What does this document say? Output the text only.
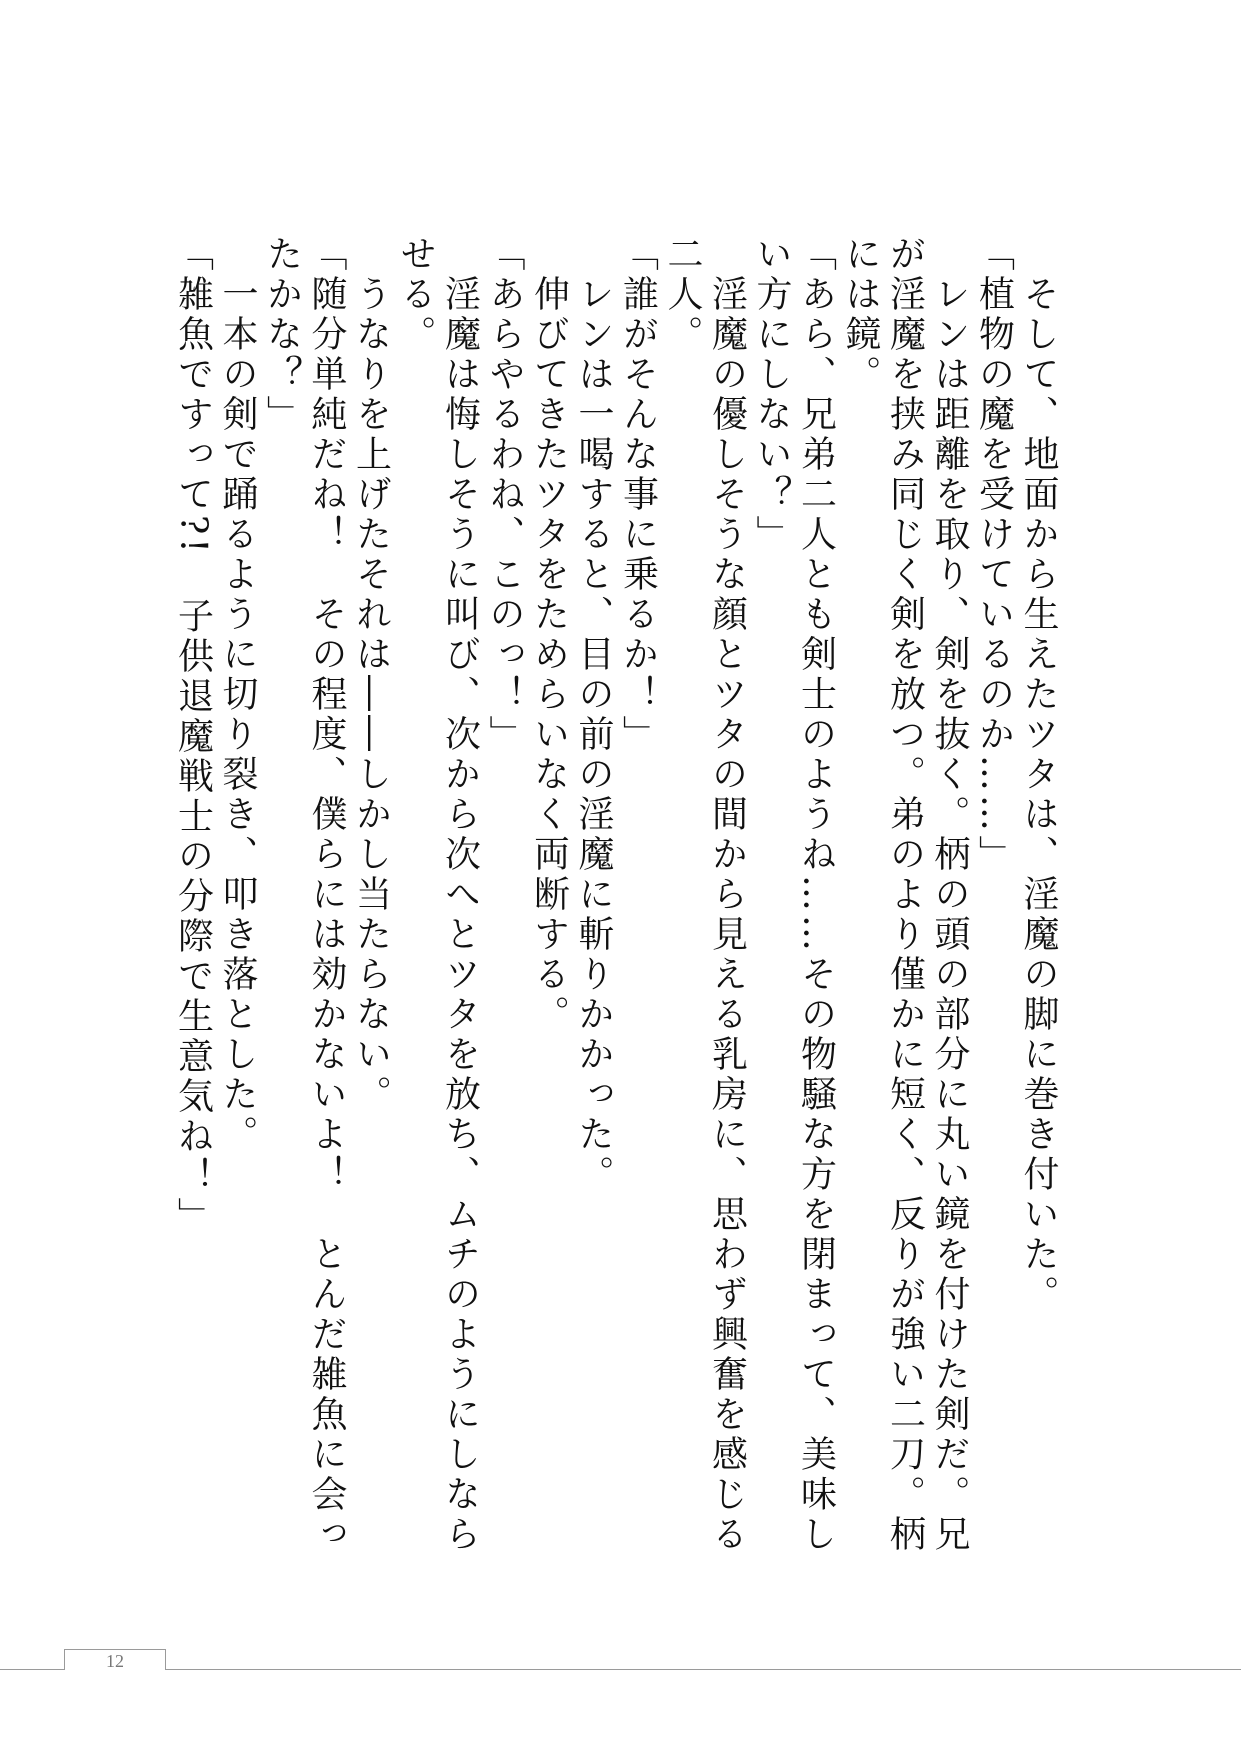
　そして、地面から生えたツタは、淫魔の脚に巻き付いた。

「植物の魔を受けているのか……」

　レンは距離を取り、剣を抜く。柄の頭の部分に丸い鏡を付けた剣だ。兄が淫魔を挟み同じく剣を放つ。弟のより僅かに短く、反りが強い二刀。柄には鏡。

「あら、兄弟二人とも剣士のようね……その物騒な方を閉まって、美味しい方にしない？」

　淫魔の優しそうな顔とツタの間から見える乳房に、思わず興奮を感じる二人。

「誰がそんな事に乗るか！」

　レンは一喝すると、目の前の淫魔に斬りかかった。

　伸びてきたツタをためらいなく両断する。

「あらやるわね、このっ！」

　淫魔は悔しそうに叫び、次から次へとツタを放ち、ムチのようにしならせる。

　うなりを上げたそれは――しかし当たらない。

「随分単純だね！　その程度、僕らには効かないよ！　とんだ雑魚に会ったかな？」

　一本の剣で踊るように切り裂き、叩き落とした。

「雑魚ですって?!　子供退魔戦士の分際で生意気ね！」

12
